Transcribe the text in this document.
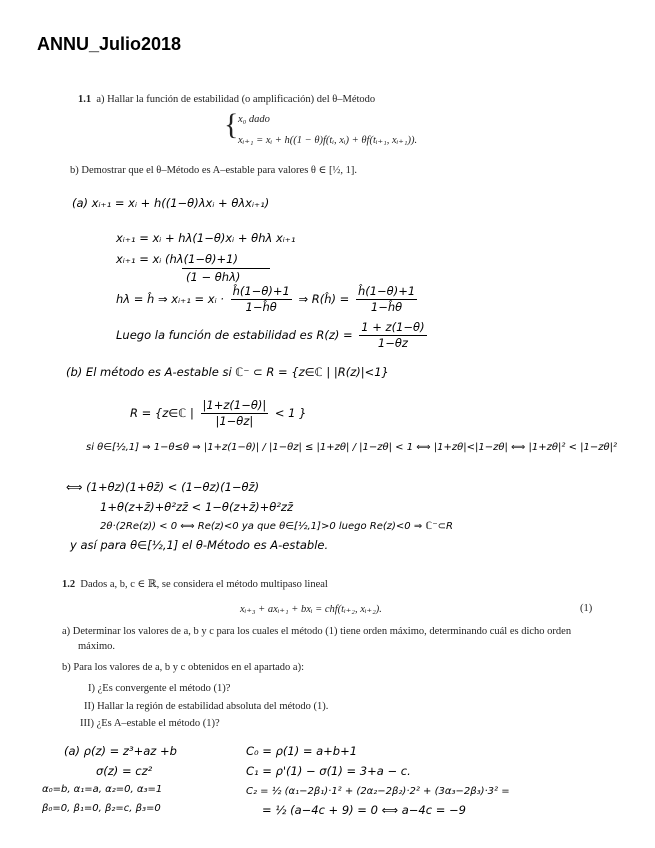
ANNU_Julio2018
1.1 a) Hallar la función de estabilidad (o amplificación) del θ–Método
{ x₀ dado
xᵢ₊₁ = xᵢ + h((1 − θ)f(tᵢ, xᵢ) + θf(tᵢ₊₁, xᵢ₊₁)).
b) Demostrar que el θ–Método es A–estable para valores θ ∈ [½, 1].
(a) xᵢ₊₁ = xᵢ + h((1−θ)λxᵢ + θλxᵢ₊₁)
xᵢ₊₁ = xᵢ + hλ(1−θ)xᵢ + θhλ xᵢ₊₁
xᵢ₊₁ = xᵢ (hλ(1−θ)+1)
(1 − θhλ)
hλ = ĥ ⇒ xᵢ₊₁ = xᵢ · $\frac{ĥ(1-\theta)+1}{1-ĥ\theta}$ ⇒ R(ĥ) = $\frac{ĥ(1-\theta)+1}{1-ĥ\theta}$
Luego la función de estabilidad es $R(z) = \frac{1 + z(1-\theta)}{1-\theta z}$
(b) El método es A-estable si ℂ⁻ ⊂ R = {z∈ℂ | |R(z)|<1}
R = {z∈ℂ | $\frac{|1+z(1-\theta)|}{|1-\theta z|} < 1$ }
si θ∈[½,1] ⇒ 1−θ≤θ ⇒ |1+z(1−θ)| / |1−θz| ≤ |1+zθ| / |1−zθ| < 1 ⟺ |1+zθ|<|1−zθ| ⟺ |1+zθ|² < |1−zθ|²
⟺ (1+θz)(1+θz̄) < (1−θz)(1−θz̄)
1+θ(z+z̄)+θ²zz̄ < 1−θ(z+z̄)+θ²zz̄
2θ·(2Re(z)) < 0 ⟺ Re(z)<0 ya que θ∈[½,1]>0 luego Re(z)<0 ⇒ ℂ⁻⊂R
y así para θ∈[½,1] el θ-Método es A-estable.
1.2 Dados a, b, c ∈ ℝ, se considera el método multipaso lineal
xᵢ₊₃ + axᵢ₊₁ + bxᵢ = chf(tᵢ₊₂, xᵢ₊₂).	(1)
a) Determinar los valores de a, b y c para los cuales el método (1) tiene orden máximo, determinando cuál es dicho orden
máximo.
b) Para los valores de a, b y c obtenidos en el apartado a):
I) ¿Es convergente el método (1)?
II) Hallar la región de estabilidad absoluta del método (1).
III) ¿Es A–estable el método (1)?
(a) ρ(z) = z³+az +b
σ(z) = cz²
α₀=b, α₁=a, α₂=0, α₃=1
β₀=0, β₁=0, β₂=c, β₃=0
C₀ = ρ(1) = a+b+1
C₁ = ρ'(1) − σ(1) = 3+a − c.
C₂ = ½ (α₁−2β₁)·1² + (2α₂−2β₂)·2² + (3α₃−2β₃)·3² =
= ½ (a−4c + 9) = 0 ⟺ a−4c = −9
